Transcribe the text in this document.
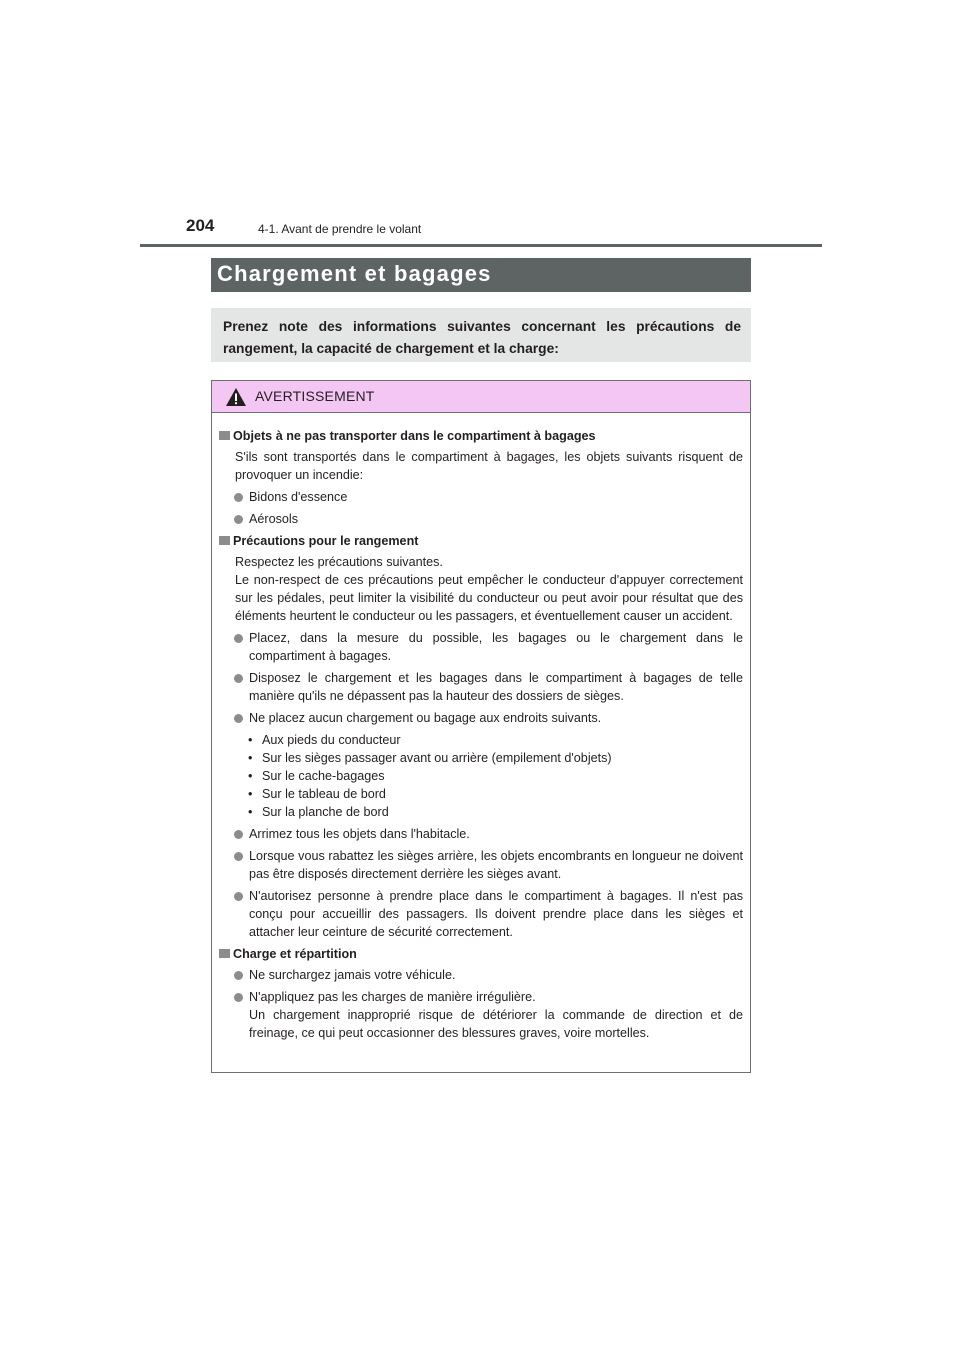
204	4-1. Avant de prendre le volant
Chargement et bagages
Prenez note des informations suivantes concernant les précautions de rangement, la capacité de chargement et la charge:
AVERTISSEMENT
Objets à ne pas transporter dans le compartiment à bagages
S'ils sont transportés dans le compartiment à bagages, les objets suivants risquent de provoquer un incendie:
Bidons d'essence
Aérosols
Précautions pour le rangement
Respectez les précautions suivantes.
Le non-respect de ces précautions peut empêcher le conducteur d'appuyer correctement sur les pédales, peut limiter la visibilité du conducteur ou peut avoir pour résultat que des éléments heurtent le conducteur ou les passagers, et éventuellement causer un accident.
Placez, dans la mesure du possible, les bagages ou le chargement dans le compartiment à bagages.
Disposez le chargement et les bagages dans le compartiment à bagages de telle manière qu'ils ne dépassent pas la hauteur des dossiers de sièges.
Ne placez aucun chargement ou bagage aux endroits suivants.
• Aux pieds du conducteur
• Sur les sièges passager avant ou arrière (empilement d'objets)
• Sur le cache-bagages
• Sur le tableau de bord
• Sur la planche de bord
Arrimez tous les objets dans l'habitacle.
Lorsque vous rabattez les sièges arrière, les objets encombrants en longueur ne doivent pas être disposés directement derrière les sièges avant.
N'autorisez personne à prendre place dans le compartiment à bagages. Il n'est pas conçu pour accueillir des passagers. Ils doivent prendre place dans les sièges et attacher leur ceinture de sécurité correctement.
Charge et répartition
Ne surchargez jamais votre véhicule.
N'appliquez pas les charges de manière irrégulière.
Un chargement inapproprié risque de détériorer la commande de direction et de freinage, ce qui peut occasionner des blessures graves, voire mortelles.
